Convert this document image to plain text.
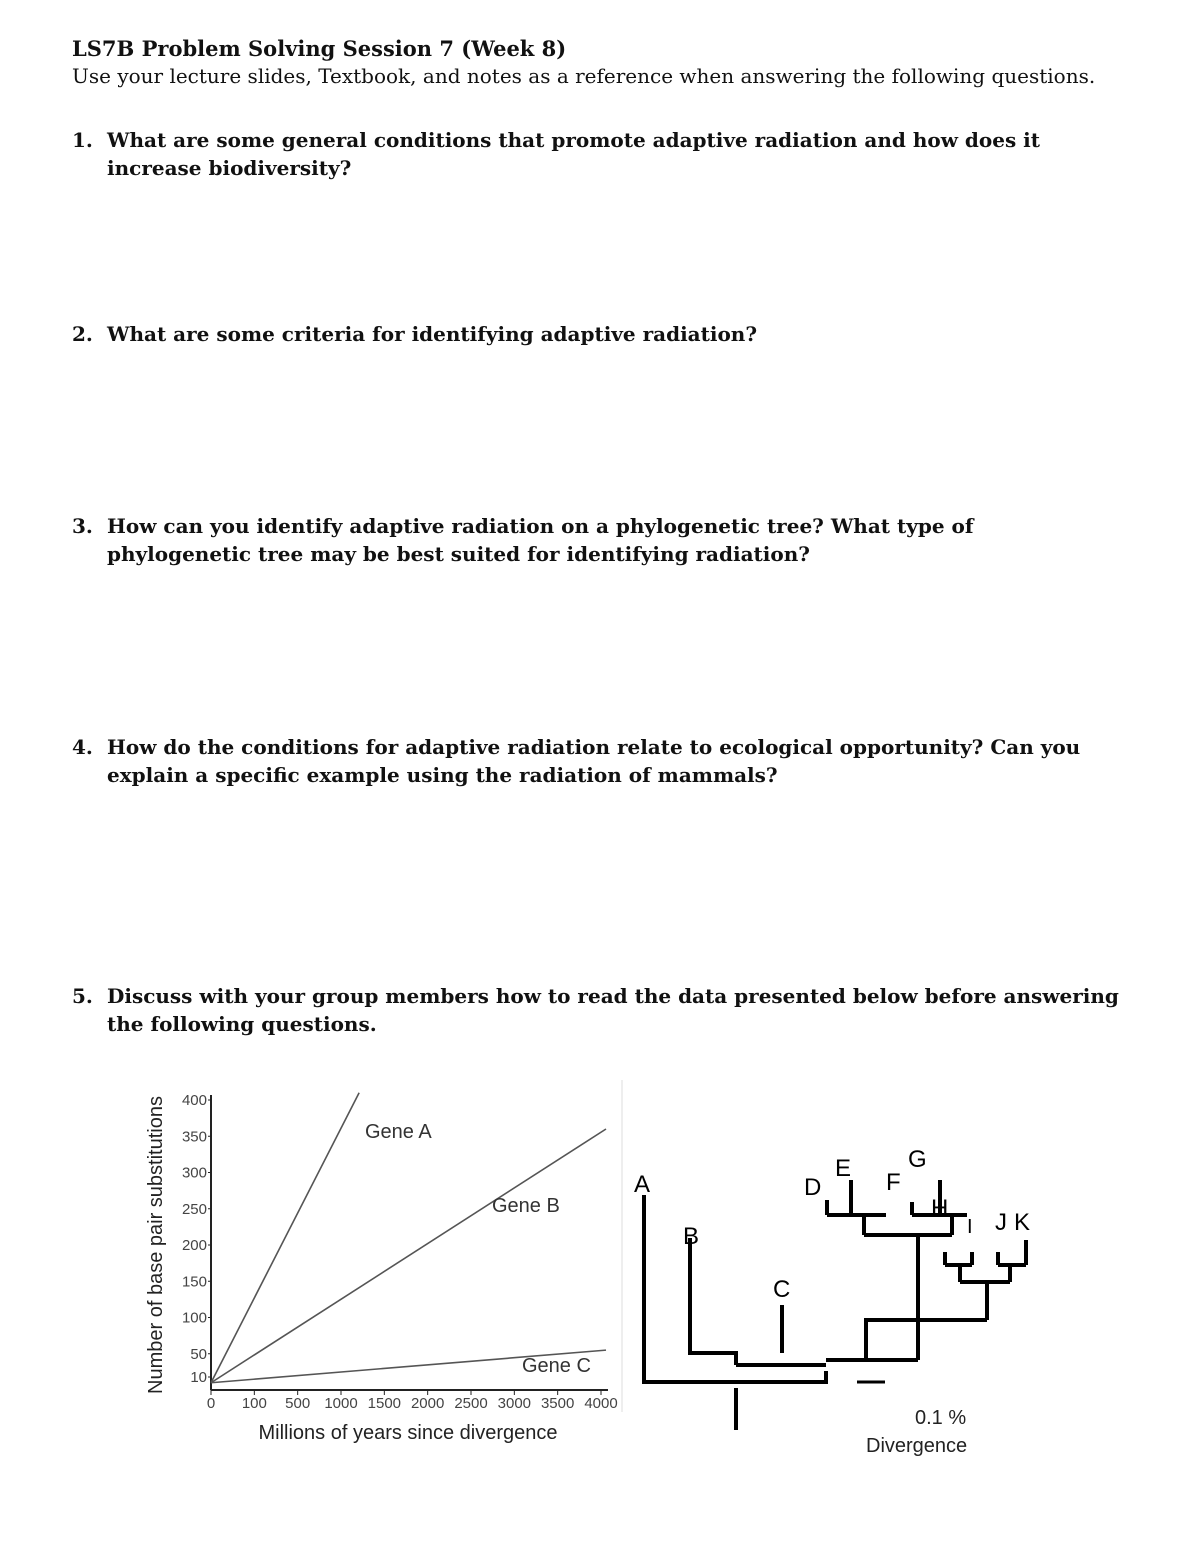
LS7B Problem Solving Session 7 (Week 8)
Use your lecture slides, Textbook, and notes as a reference when answering the following questions.
1. What are some general conditions that promote adaptive radiation and how does it increase biodiversity?
2. What are some criteria for identifying adaptive radiation?
3. How can you identify adaptive radiation on a phylogenetic tree? What type of phylogenetic tree may be best suited for identifying radiation?
4. How do the conditions for adaptive radiation relate to ecological opportunity? Can you explain a specific example using the radiation of mammals?
5. Discuss with your group members how to read the data presented below before answering the following questions.
10
50
100
150
200
250
300
350
400
0 100 500 1000 1500 2000 2500 3000 3500 4000
Gene A
Gene B
Gene C
Millions of years since divergence
Number of base pair substitutions	A
B
C
D
E
F
G
H
I J K
0.1 %
Divergence
